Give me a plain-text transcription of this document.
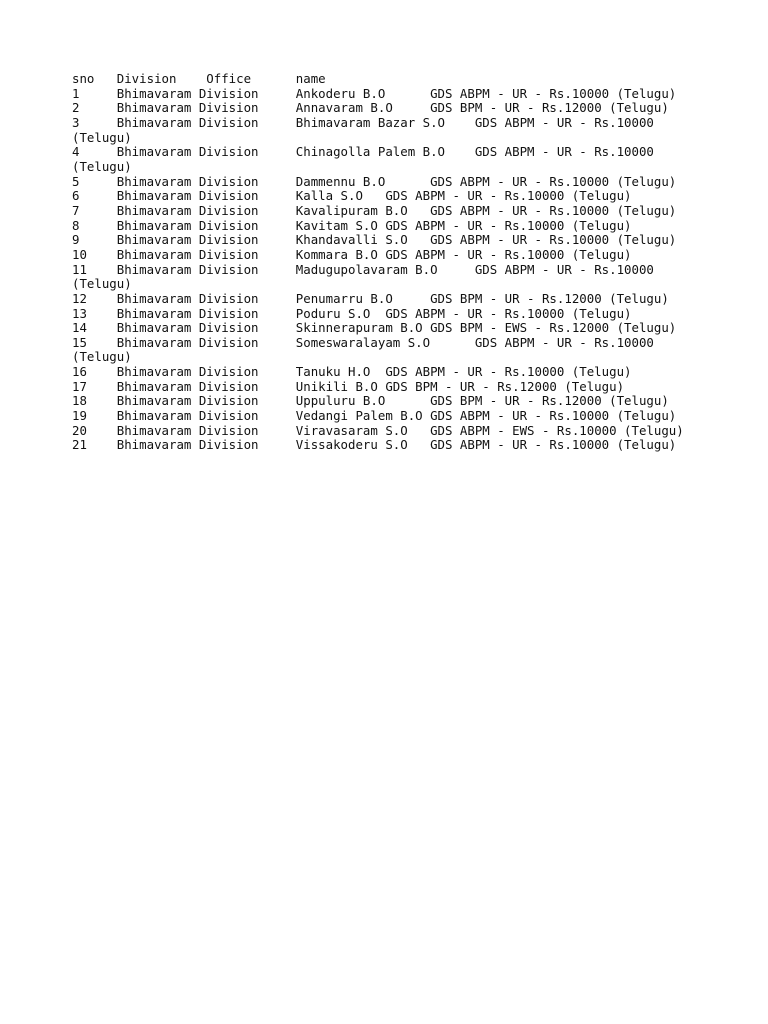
sno	Division	Office		name
1		Bhimavaram Division		Ankoderu B.O		GDS ABPM - UR - Rs.10000 (Telugu)
2		Bhimavaram Division		Annavaram B.O		GDS BPM - UR - Rs.12000 (Telugu)
3		Bhimavaram Division		Bhimavaram Bazar S.O	GDS ABPM - UR - Rs.10000 (Telugu)
4		Bhimavaram Division		Chinagolla Palem B.O	GDS ABPM - UR - Rs.10000 (Telugu)
5		Bhimavaram Division		Dammennu B.O		GDS ABPM - UR - Rs.10000 (Telugu)
6		Bhimavaram Division		Kalla S.O	GDS ABPM - UR - Rs.10000 (Telugu)
7		Bhimavaram Division		Kavalipuram B.O	GDS ABPM - UR - Rs.10000 (Telugu)
8		Bhimavaram Division		Kavitam S.O	GDS ABPM - UR - Rs.10000 (Telugu)
9		Bhimavaram Division		Khandavalli S.O	GDS ABPM - UR - Rs.10000 (Telugu)
10	Bhimavaram Division		Kommara B.O	GDS ABPM - UR - Rs.10000 (Telugu)
11	Bhimavaram Division		Madugupolavaram B.O		GDS ABPM - UR - Rs.10000 (Telugu)
12	Bhimavaram Division		Penumarru B.O		GDS BPM - UR - Rs.12000 (Telugu)
13	Bhimavaram Division		Poduru S.O	GDS ABPM - UR - Rs.10000 (Telugu)
14	Bhimavaram Division		Skinnerapuram B.O	GDS BPM - EWS - Rs.12000 (Telugu)
15	Bhimavaram Division		Someswaralayam S.O		GDS ABPM - UR - Rs.10000 (Telugu)
16	Bhimavaram Division		Tanuku H.O	GDS ABPM - UR - Rs.10000 (Telugu)
17	Bhimavaram Division		Unikili B.O	GDS BPM - UR - Rs.12000 (Telugu)
18	Bhimavaram Division		Uppuluru B.O		GDS BPM - UR - Rs.12000 (Telugu)
19	Bhimavaram Division		Vedangi Palem B.O	GDS ABPM - UR - Rs.10000 (Telugu)
20	Bhimavaram Division		Viravasaram S.O	GDS ABPM - EWS - Rs.10000 (Telugu)
21	Bhimavaram Division		Vissakoderu S.O	GDS ABPM - UR - Rs.10000 (Telugu)
